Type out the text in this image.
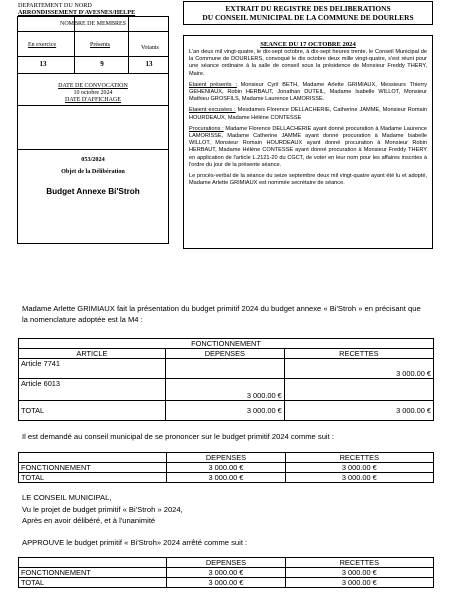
DEPARTEMENT DU NORD
ARRONDISSEMENT D'AVESNES/HELPE
NOMBRE DE MEMBRES
En exercice	Présents	Votants
13	9	13
DATE DE CONVOCATION
10 octobre 2024
DATE D'AFFICHAGE
053/2024
Objet de la Délibération
Budget Annexe Bi'Stroh
EXTRAIT DU REGISTRE DES DELIBERATIONS
DU CONSEIL MUNICIPAL DE LA COMMUNE DE DOURLERS
SEANCE DU 17 OCTOBRE 2024

L'an deux mil vingt-quatre, le dix-sept octobre, à dix-sept heures trente, le Conseil Municipal de la Commune de DOURLERS, convoqué le dix octobre deux mille vingt-quatre, s'est réuni pour une séance ordinaire à la salle de conseil sous la présidence de Monsieur Freddy THERY, Maire.

Etaient présents : Monsieur Cyril BETH, Madame Arlette GRIMIAUX, Messieurs Thierry GEHENIAUX, Robin HERBAUT, Jonathan DUTEIL, Madame Isabelle WILLOT, Monsieur Mathieu GROSFILS, Madame Laurence LAMORISSE.

Etaient excusées : Mesdames Florence DELLACHERIE, Catherine JAMME, Monsieur Romain HOURDEAUX, Madame Hélène CONTESSE

Procurations : Madame Florence DELLACHERIE ayant donné procuration à Madame Laurence LAMORISSE, Madame Catherine JAMME ayant donné procuration à Madame Isabelle WILLOT, Monsieur Romain HOURDEAUX ayant donné procuration à Monsieur Robin HERBAUT, Madame Hélène CONTESSE ayant donné procuration à Monsieur Freddy THERY en application de l'article L.2121-20 du CGCT, de voter en leur nom pour les affaires inscrites à l'ordre du jour de la présente séance.

Le procès-verbal de la séance du seize septembre deux mil vingt-quatre ayant été lu et adopté, Madame Arlette GRIMIAUX est nommée secrétaire de séance.

Madame Arlette GRIMIAUX fait la présentation du budget primitif 2024 du budget annexe « Bi'Stroh » en précisant que
la nomenclature adoptée est la M4 :
FONCTIONNEMENT		
ARTICLE	DEPENSES	RECETTES
Article 7741		3 000.00 €
Article 6013	3 000.00 €	
TOTAL	3 000.00 €	3 000.00 €
Il est demandé au conseil municipal de se prononcer sur le budget primitif 2024 comme suit :
	DEPENSES	RECETTES
FONCTIONNEMENT	3 000.00 €	3 000.00 €
TOTAL	3 000.00 €	3 000.00 €
LE CONSEIL MUNICIPAL,
Vu le projet de budget primitif « Bi'Stroh » 2024,
Après en avoir délibéré, et à l'unanimité
APPROUVE le budget primitif « Bi'Stroh» 2024 arrêté comme suit :
	DEPENSES	RECETTES
FONCTIONNEMENT	3 000.00 €	3 000.00 €
TOTAL	3 000.00 €	3 000.00 €
